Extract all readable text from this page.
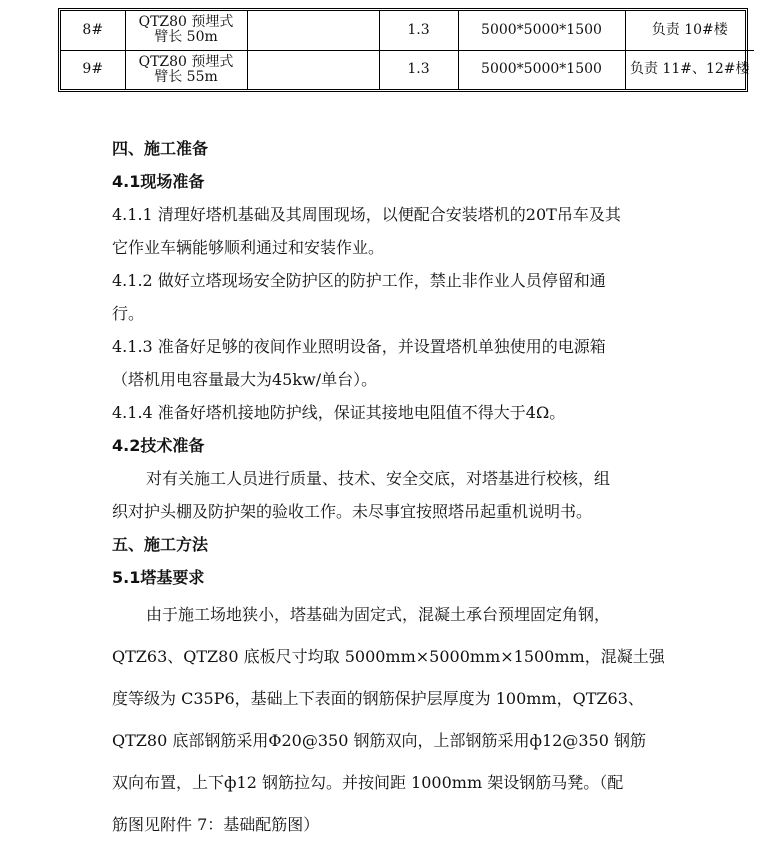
8#	QTZ80 预埋式
臂长 50m		1.3	5000*5000*1500	负责 10#楼
9#	QTZ80 预埋式
臂长 55m		1.3	5000*5000*1500	负责 11#、12#楼
四、施工准备
4.1现场准备
4.1.1 清理好塔机基础及其周围现场，以便配合安装塔机的20T吊车及其
它作业车辆能够顺利通过和安装作业。
4.1.2 做好立塔现场安全防护区的防护工作，禁止非作业人员停留和通
行。
4.1.3 准备好足够的夜间作业照明设备，并设置塔机单独使用的电源箱
（塔机用电容量最大为45kw/单台）。
4.1.4 准备好塔机接地防护线，保证其接地电阻值不得大于4Ω。
4.2技术准备
对有关施工人员进行质量、技术、安全交底，对塔基进行校核，组
织对护头棚及防护架的验收工作。未尽事宜按照塔吊起重机说明书。
五、施工方法
5.1塔基要求
由于施工场地狭小，塔基础为固定式，混凝土承台预埋固定角钢，
QTZ63、QTZ80 底板尺寸均取 5000mm×5000mm×1500mm，混凝土强
度等级为 C35P6，基础上下表面的钢筋保护层厚度为 100mm，QTZ63、
QTZ80 底部钢筋采用Φ20@350 钢筋双向，上部钢筋采用ф12@350 钢筋
双向布置，上下ф12 钢筋拉勾。并按间距 1000mm 架设钢筋马凳。（配
筋图见附件 7：基础配筋图）
